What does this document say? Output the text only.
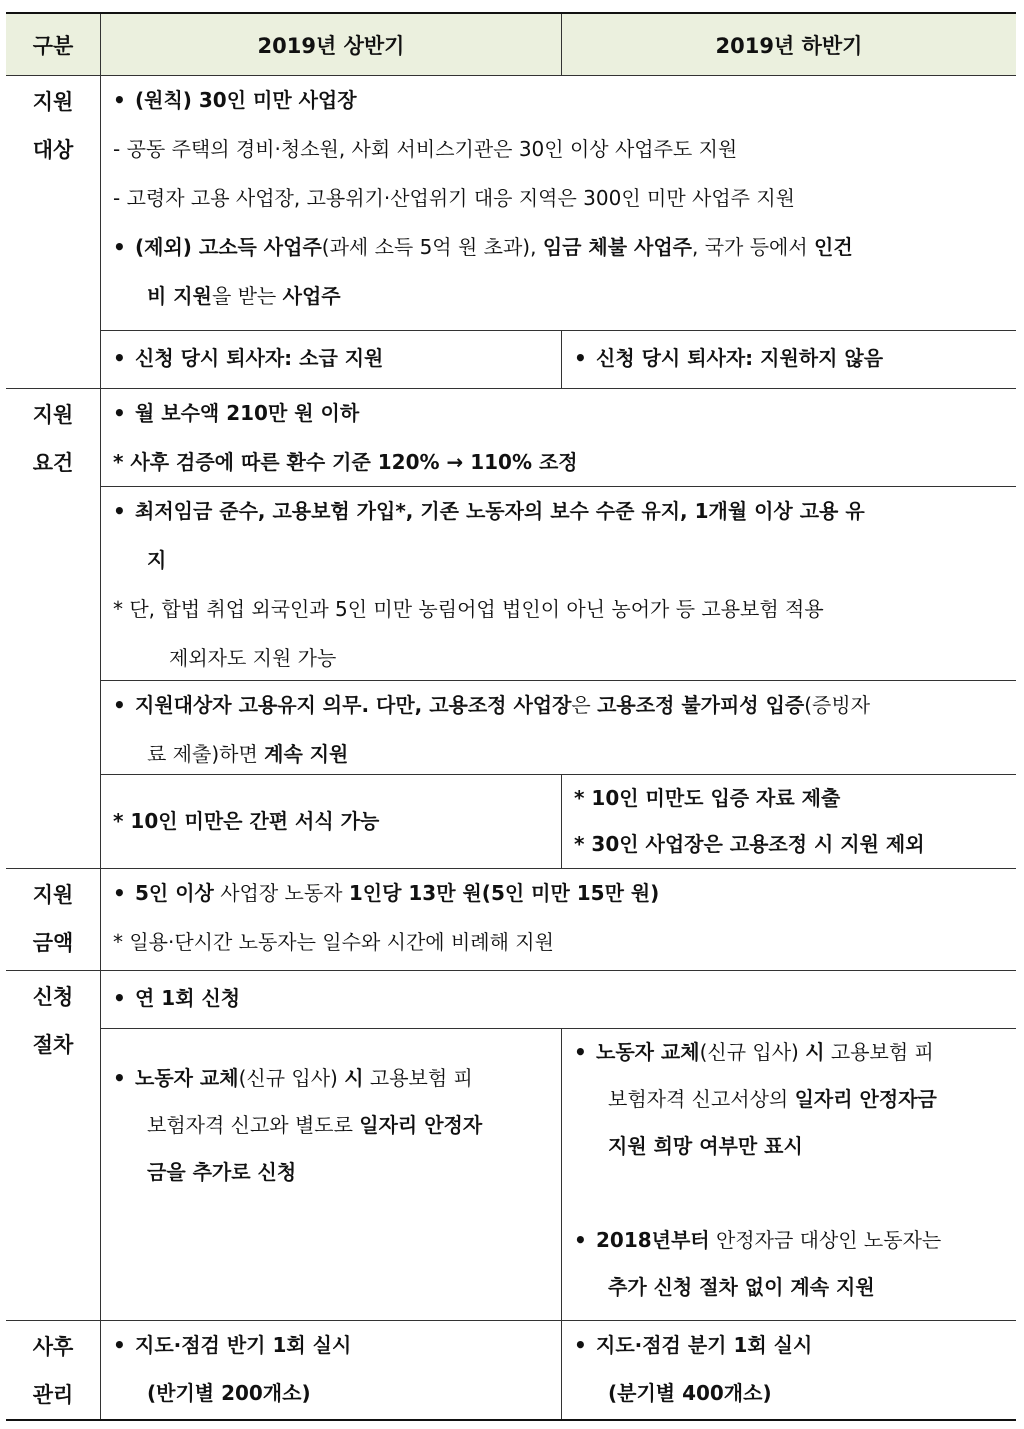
구분	2019년 상반기	2019년 하반기
지원
대상
• (원칙) 30인 미만 사업장
- 공동 주택의 경비·청소원, 사회 서비스기관은 30인 이상 사업주도 지원
- 고령자 고용 사업장, 고용위기·산업위기 대응 지역은 300인 미만 사업주 지원
• (제외) 고소득 사업주(과세 소득 5억 원 초과), 임금 체불 사업주, 국가 등에서 인건
비 지원을 받는 사업주
• 신청 당시 퇴사자: 소급 지원
•	신청 당시 퇴사자: 지원하지 않음
지원
요건
• 월 보수액 210만 원 이하
* 사후 검증에 따른 환수 기준 120% → 110% 조정
• 최저임금 준수, 고용보험 가입*, 기존 노동자의 보수 수준 유지, 1개월 이상 고용 유
지
* 단, 합법 취업 외국인과 5인 미만 농림어업 법인이 아닌 농어가 등 고용보험 적용
제외자도 지원 가능
• 지원대상자 고용유지 의무. 다만, 고용조정 사업장은 고용조정 불가피성 입증(증빙자
료 제출)하면 계속 지원
* 10인 미만은 간편 서식 가능
* 10인 미만도 입증 자료 제출
* 30인 사업장은 고용조정 시 지원 제외
지원
금액
• 5인 이상 사업장 노동자 1인당 13만 원(5인 미만 15만 원)
* 일용·단시간 노동자는 일수와 시간에 비례해 지원
신청
절차
• 연 1회 신청
• 노동자 교체(신규 입사) 시 고용보험 피
보험자격 신고와 별도로 일자리 안정자
금을 추가로 신청
• 노동자 교체(신규 입사) 시 고용보험 피
보험자격 신고서상의 일자리 안정자금
지원 희망 여부만 표시
• 2018년부터 안정자금 대상인 노동자는
추가 신청 절차 없이 계속 지원
사후
관리
• 지도·점검 반기 1회 실시
(반기별 200개소)
• 지도·점검 분기 1회 실시
(분기별 400개소)
